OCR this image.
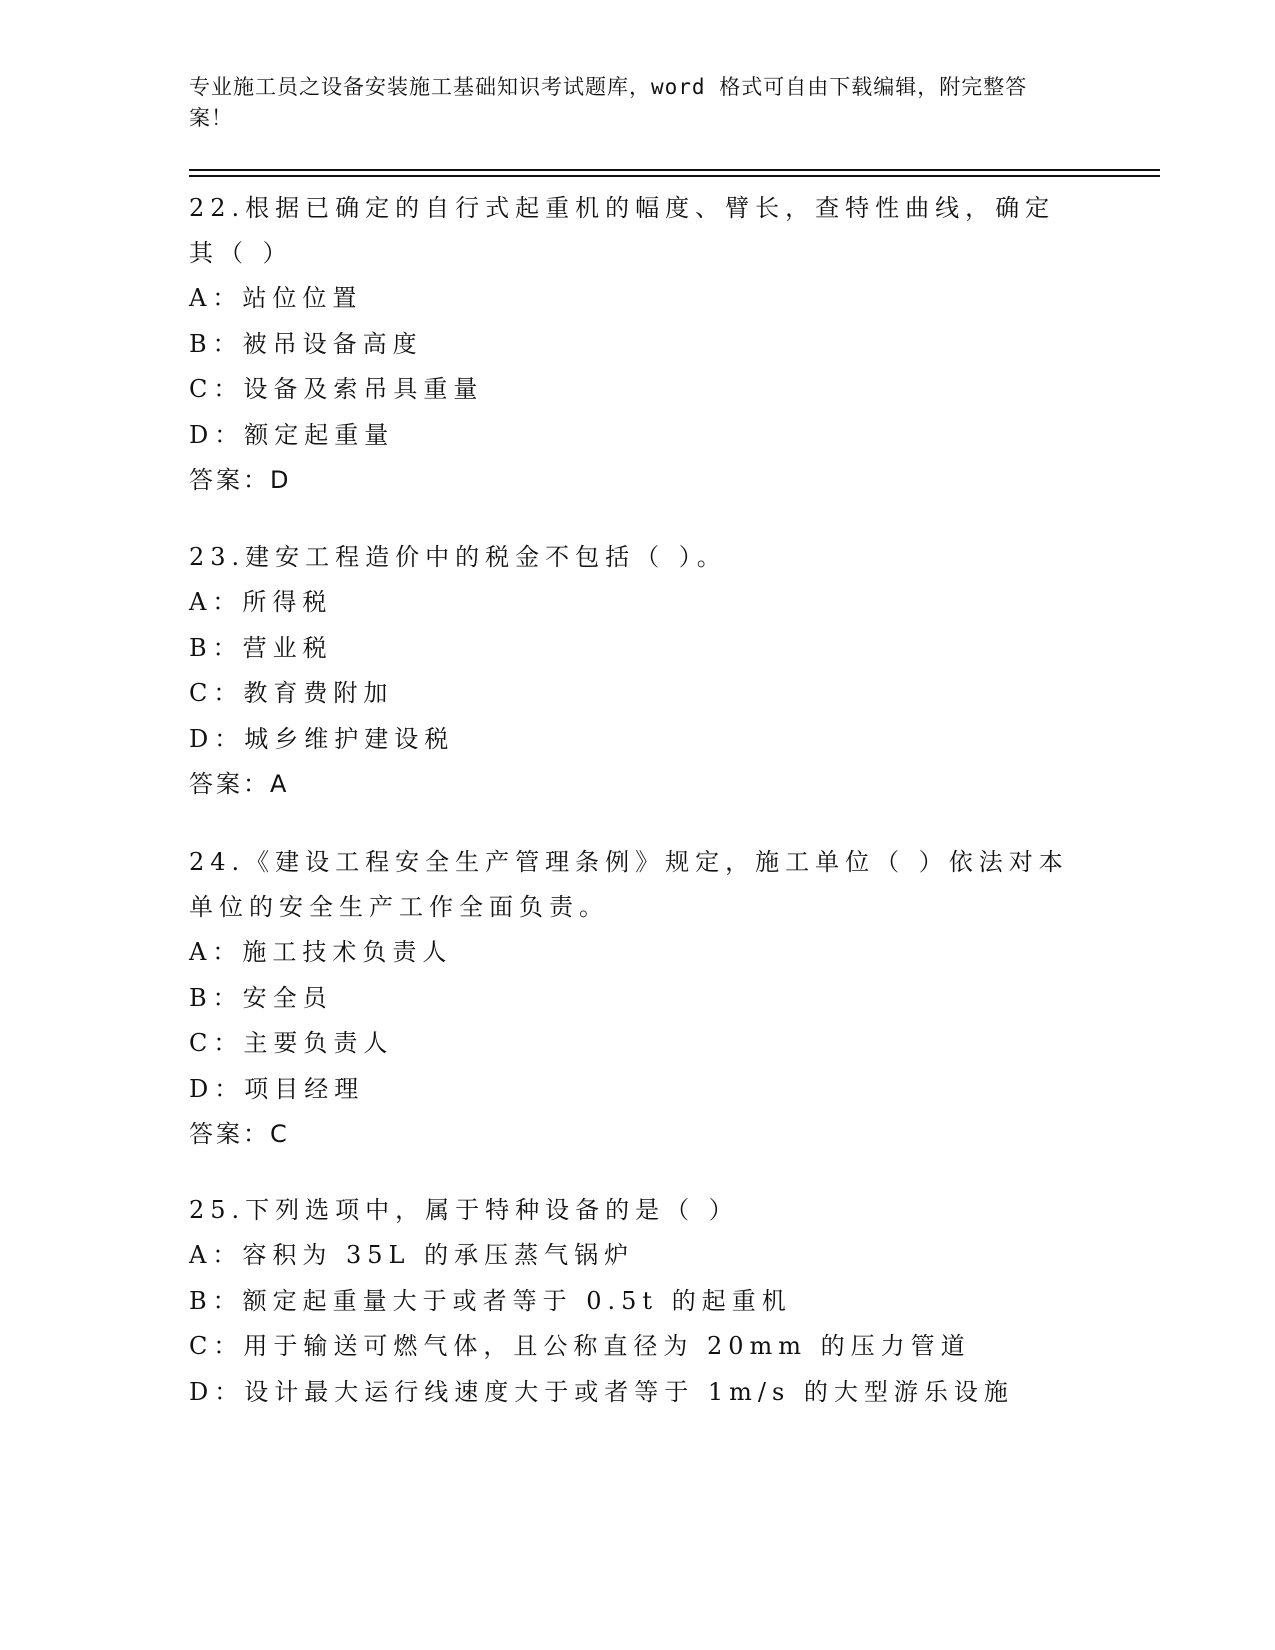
专业施工员之设备安装施工基础知识考试题库，word 格式可自由下载编辑，附完整答案！

22.根据已确定的自行式起重机的幅度、臂长，查特性曲线，确定其（ ）

A：站位位置

B：被吊设备高度

C：设备及索吊具重量

D：额定起重量

答案：D

23.建安工程造价中的税金不包括（ ）。

A：所得税

B：营业税

C：教育费附加

D：城乡维护建设税

答案：A

24.《建设工程安全生产管理条例》规定，施工单位（ ）依法对本单位的安全生产工作全面负责。

A：施工技术负责人

B：安全员

C：主要负责人

D：项目经理

答案：C

25.下列选项中，属于特种设备的是（ ）

A：容积为 35L 的承压蒸气锅炉

B：额定起重量大于或者等于 0.5t 的起重机

C：用于输送可燃气体，且公称直径为 20mm 的压力管道

D：设计最大运行线速度大于或者等于 1m/s 的大型游乐设施
